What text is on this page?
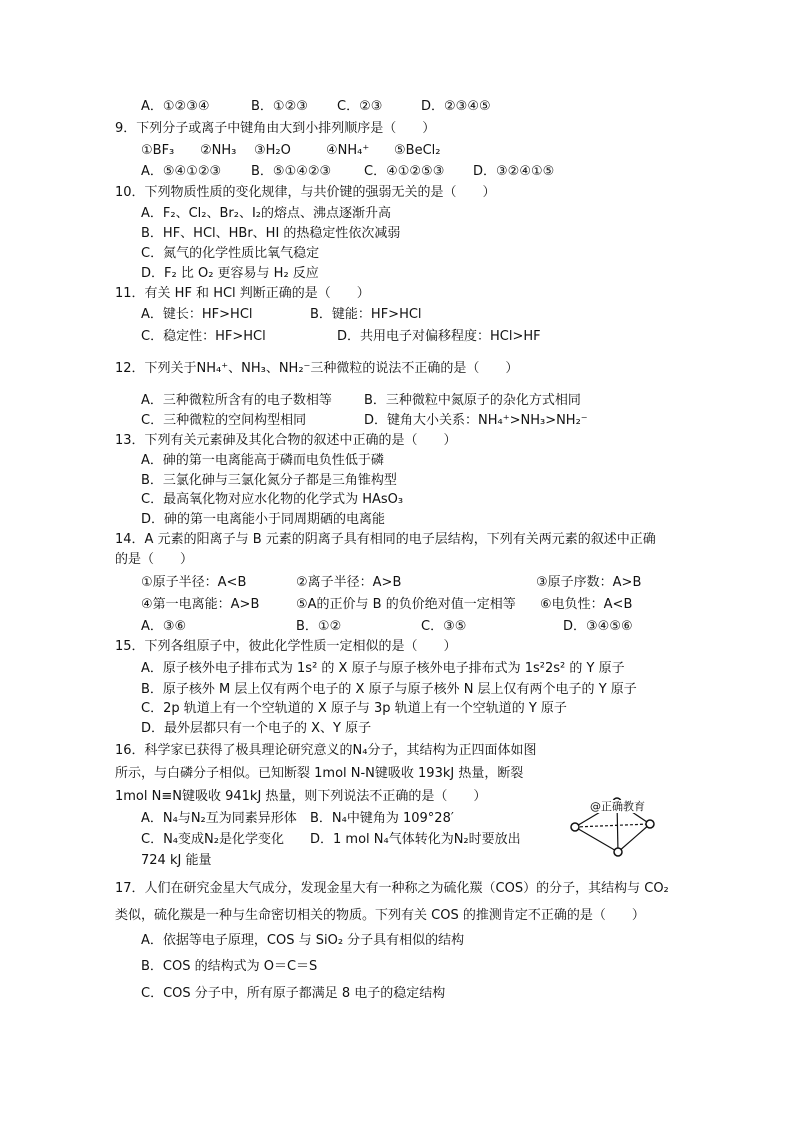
A．①②③④	B．①②③ C．②③	D．②③④⑤
9．下列分子或离子中键角由大到小排列顺序是（　　）
①BF₃ ②NH₃ ③H₂O	④NH₄⁺ ⑤BeCl₂
A．⑤④①②③ B．⑤①④②③	C．④①②⑤③ D．③②④①⑤
10．下列物质性质的变化规律，与共价键的强弱无关的是（　　）
A．F₂、Cl₂、Br₂、I₂的熔点、沸点逐渐升高
B．HF、HCl、HBr、HI 的热稳定性依次减弱
C．氮气的化学性质比氧气稳定
D．F₂ 比 O₂ 更容易与 H₂ 反应
11．有关 HF 和 HCl 判断正确的是（　　）
A．键长：HF>HCl	B．键能：HF>HCl
C．稳定性：HF>HCl	D．共用电子对偏移程度：HCl>HF
12．下列关于NH₄⁺、NH₃、NH₂⁻三种微粒的说法不正确的是（　　）
A．三种微粒所含有的电子数相等 B．三种微粒中氮原子的杂化方式相同
C．三种微粒的空间构型相同	D．键角大小关系：NH₄⁺>NH₃>NH₂⁻
13．下列有关元素砷及其化合物的叙述中正确的是（　　）
A．砷的第一电离能高于磷而电负性低于磷
B．三氯化砷与三氯化氮分子都是三角锥构型
C．最高氧化物对应水化物的化学式为 HAsO₃
D．砷的第一电离能小于同周期硒的电离能
14．A 元素的阳离子与 B 元素的阴离子具有相同的电子层结构，下列有关两元素的叙述中正确
的是（　　）
①原子半径：A<B	②离子半径：A>B	③原子序数：A>B
④第一电离能：A>B	⑤A的正价与 B 的负价绝对值一定相等 ⑥电负性：A<B
A．③⑥	B．①②	C．③⑤	D．③④⑤⑥
15．下列各组原子中，彼此化学性质一定相似的是（　　）
A．原子核外电子排布式为 1s² 的 X 原子与原子核外电子排布式为 1s²2s² 的 Y 原子
B．原子核外 M 层上仅有两个电子的 X 原子与原子核外 N 层上仅有两个电子的 Y 原子
C．2p 轨道上有一个空轨道的 X 原子与 3p 轨道上有一个空轨道的 Y 原子
D．最外层都只有一个电子的 X、Y 原子
16．科学家已获得了极具理论研究意义的N₄分子，其结构为正四面体如图
所示，与白磷分子相似。已知断裂 1mol N-N键吸收 193kJ 热量，断裂
1mol N≡N键吸收 941kJ 热量，则下列说法不正确的是（　　）
A．N₄与N₂互为同素异形体 B．N₄中键角为 109°28′
C．N₄变成N₂是化学变化 D．1 mol N₄气体转化为N₂时要放出
724 kJ 能量
@正确教育
17．人们在研究金星大气成分，发现金星大有一种称之为硫化羰（COS）的分子，其结构与 CO₂
类似，硫化羰是一种与生命密切相关的物质。下列有关 COS 的推测肯定不正确的是（　　）
A．依据等电子原理，COS 与 SiO₂ 分子具有相似的结构
B．COS 的结构式为 O＝C＝S
C．COS 分子中，所有原子都满足 8 电子的稳定结构
